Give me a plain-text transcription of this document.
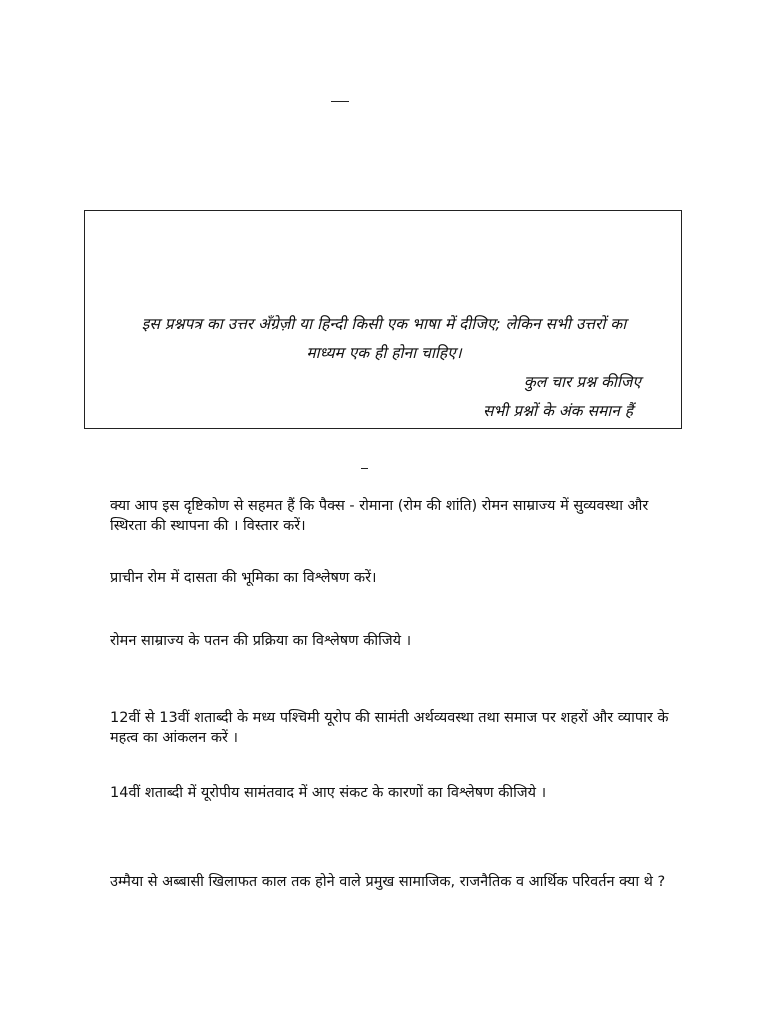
इस प्रश्नपत्र का उत्तर अँग्रेज़ी या हिन्दी किसी एक भाषा में दीजिए; लेकिन सभी उत्तरों का
माध्यम एक ही होना चाहिए।
कुल चार प्रश्न कीजिए
सभी प्रश्नों के अंक समान हैं
क्या आप इस दृष्टिकोण से सहमत हैं कि पैक्स - रोमाना (रोम की शांति) रोमन साम्राज्य में सुव्यवस्था और स्थिरता की स्थापना की । विस्तार करें।
प्राचीन रोम में दासता की भूमिका का विश्लेषण करें।
रोमन साम्राज्य के पतन की प्रक्रिया का विश्लेषण कीजिये ।
12वीं से 13वीं शताब्दी के मध्य पश्चिमी यूरोप की सामंती अर्थव्यवस्था तथा समाज पर शहरों और व्यापार के महत्व का आंकलन करें ।
14वीं शताब्दी में यूरोपीय सामंतवाद में आए संकट के कारणों का विश्लेषण कीजिये ।
उम्मैया से अब्बासी खिलाफत काल तक होने वाले प्रमुख सामाजिक, राजनैतिक व आर्थिक परिवर्तन क्या थे ?
